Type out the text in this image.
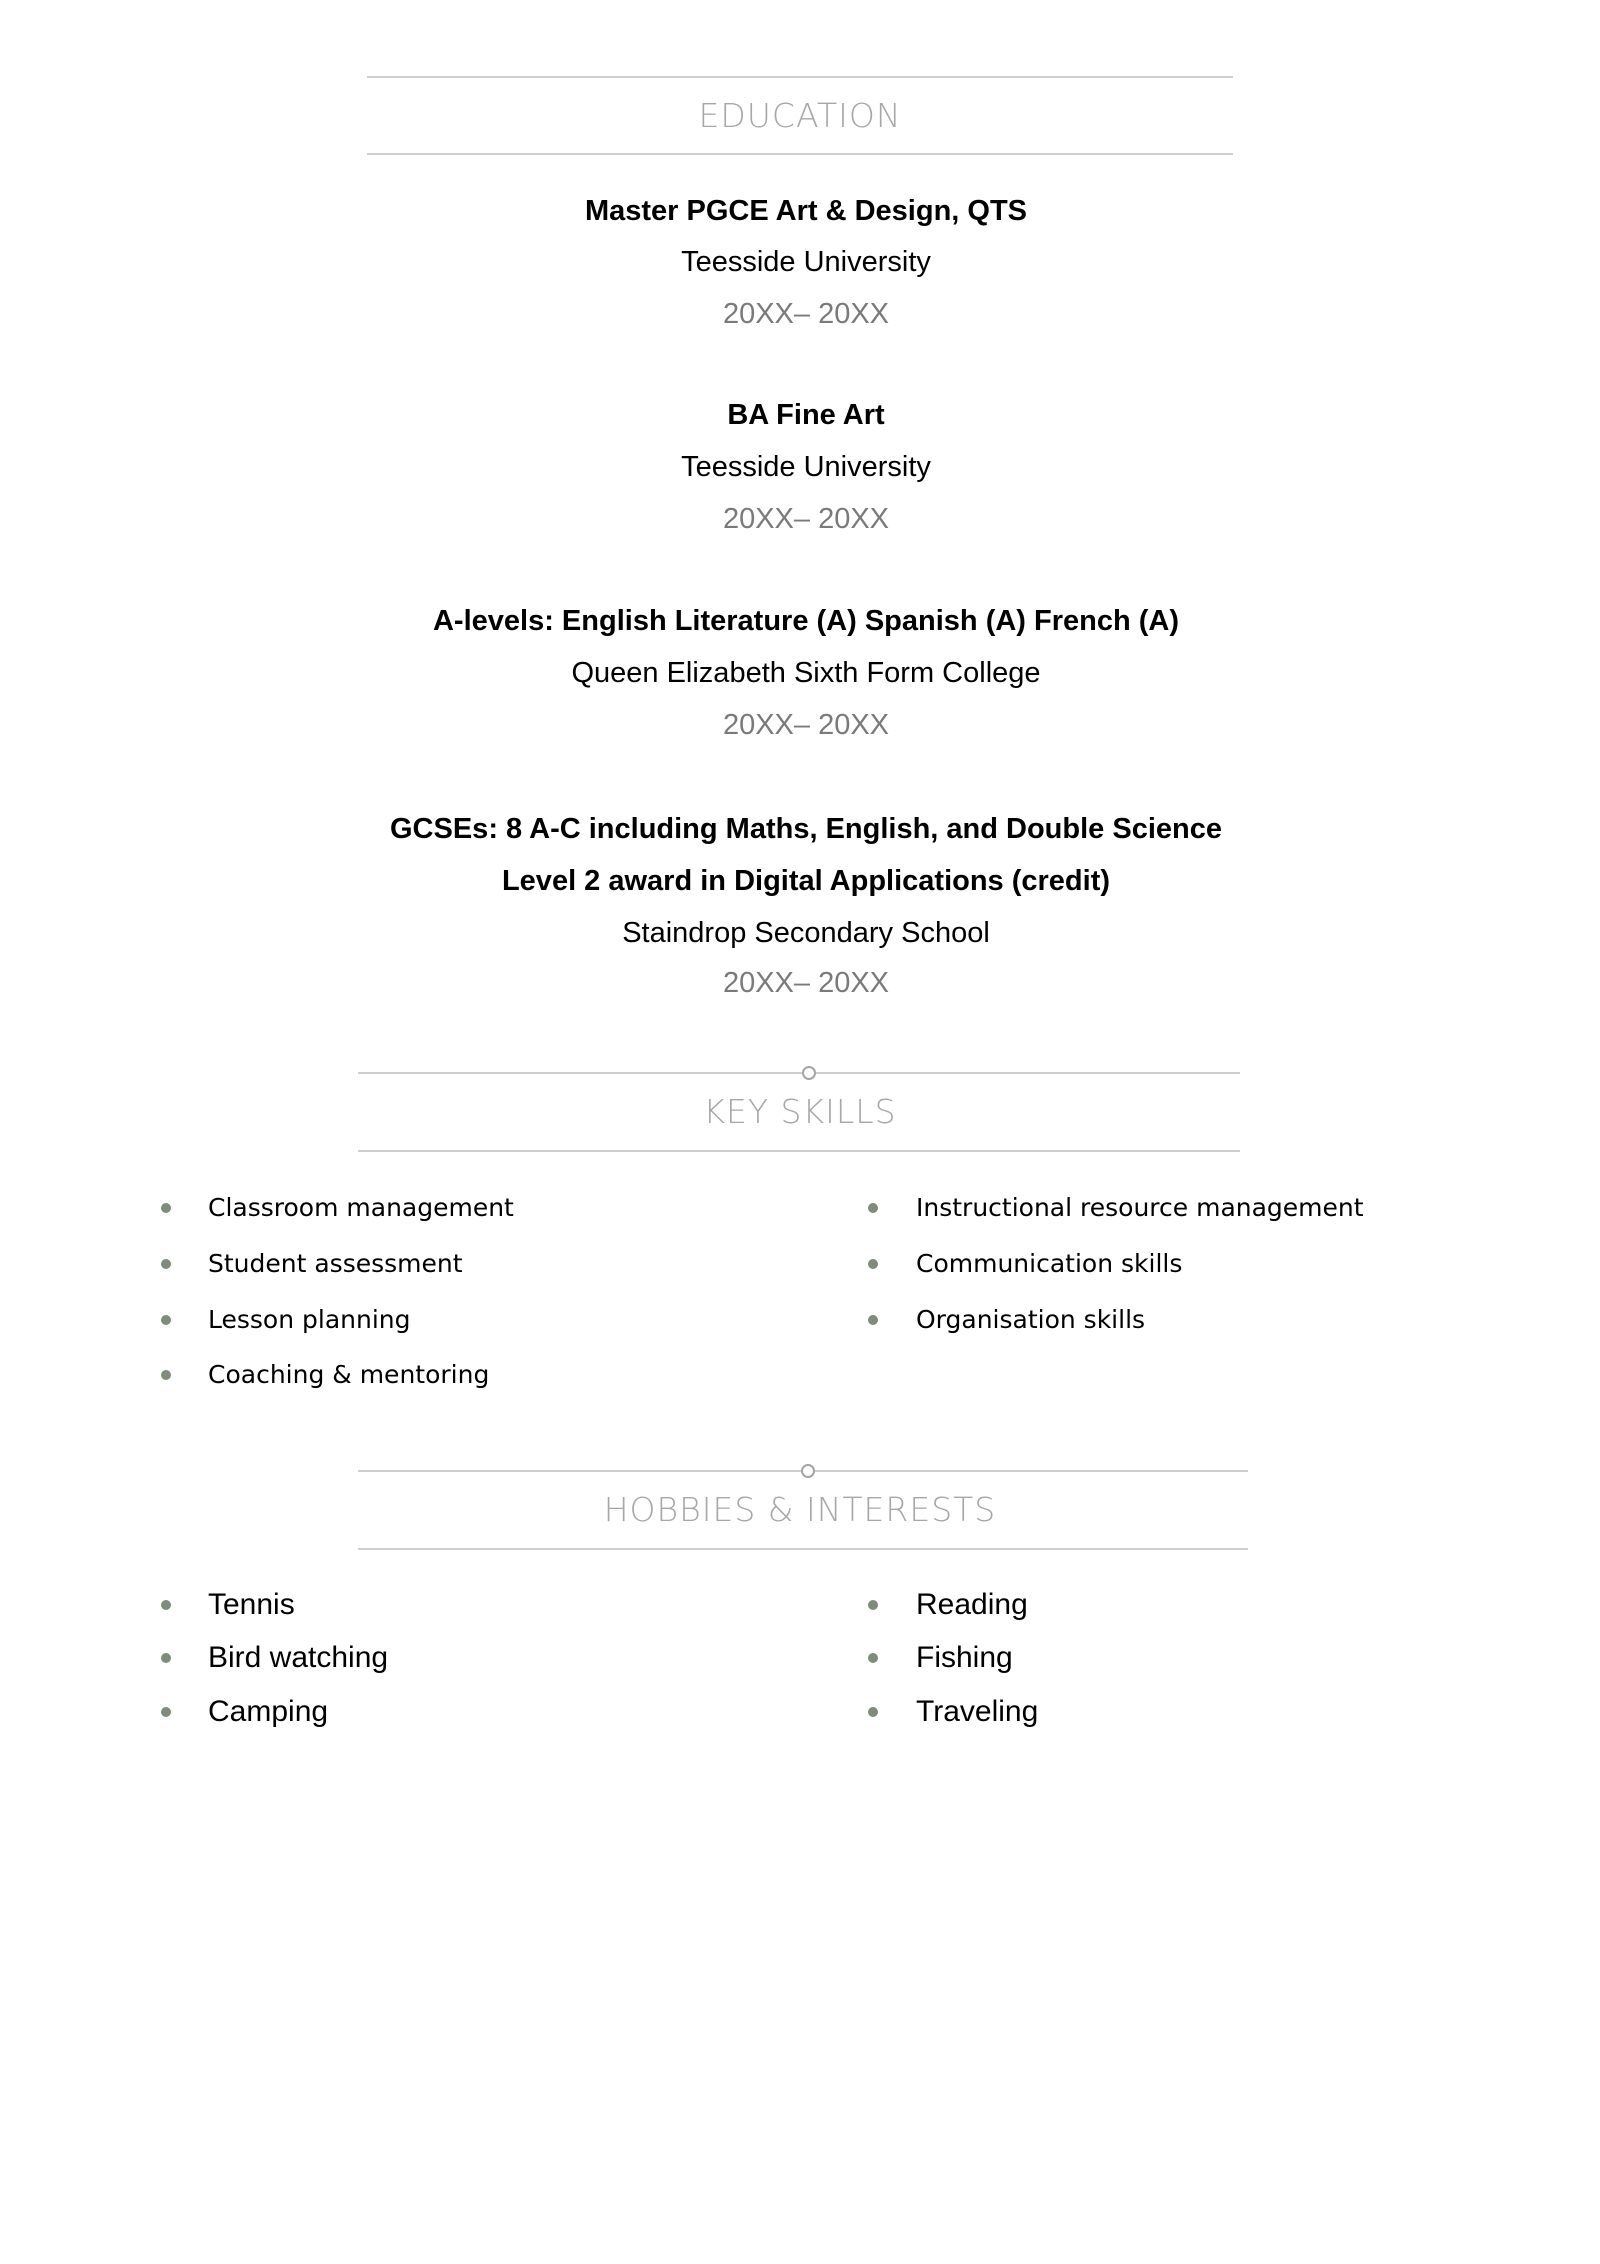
EDUCATION
Master PGCE Art & Design, QTS
Teesside University
20XX– 20XX
BA Fine Art
Teesside University
20XX– 20XX
A-levels: English Literature (A) Spanish (A) French (A)
Queen Elizabeth Sixth Form College
20XX– 20XX
GCSEs: 8 A-C including Maths, English, and Double Science
Level 2 award in Digital Applications (credit)
Staindrop Secondary School
20XX– 20XX
KEY SKILLS
Classroom management
Student assessment
Lesson planning
Coaching & mentoring
Instructional resource management
Communication skills
Organisation skills
HOBBIES & INTERESTS
Tennis
Bird watching
Camping
Reading
Fishing
Traveling
